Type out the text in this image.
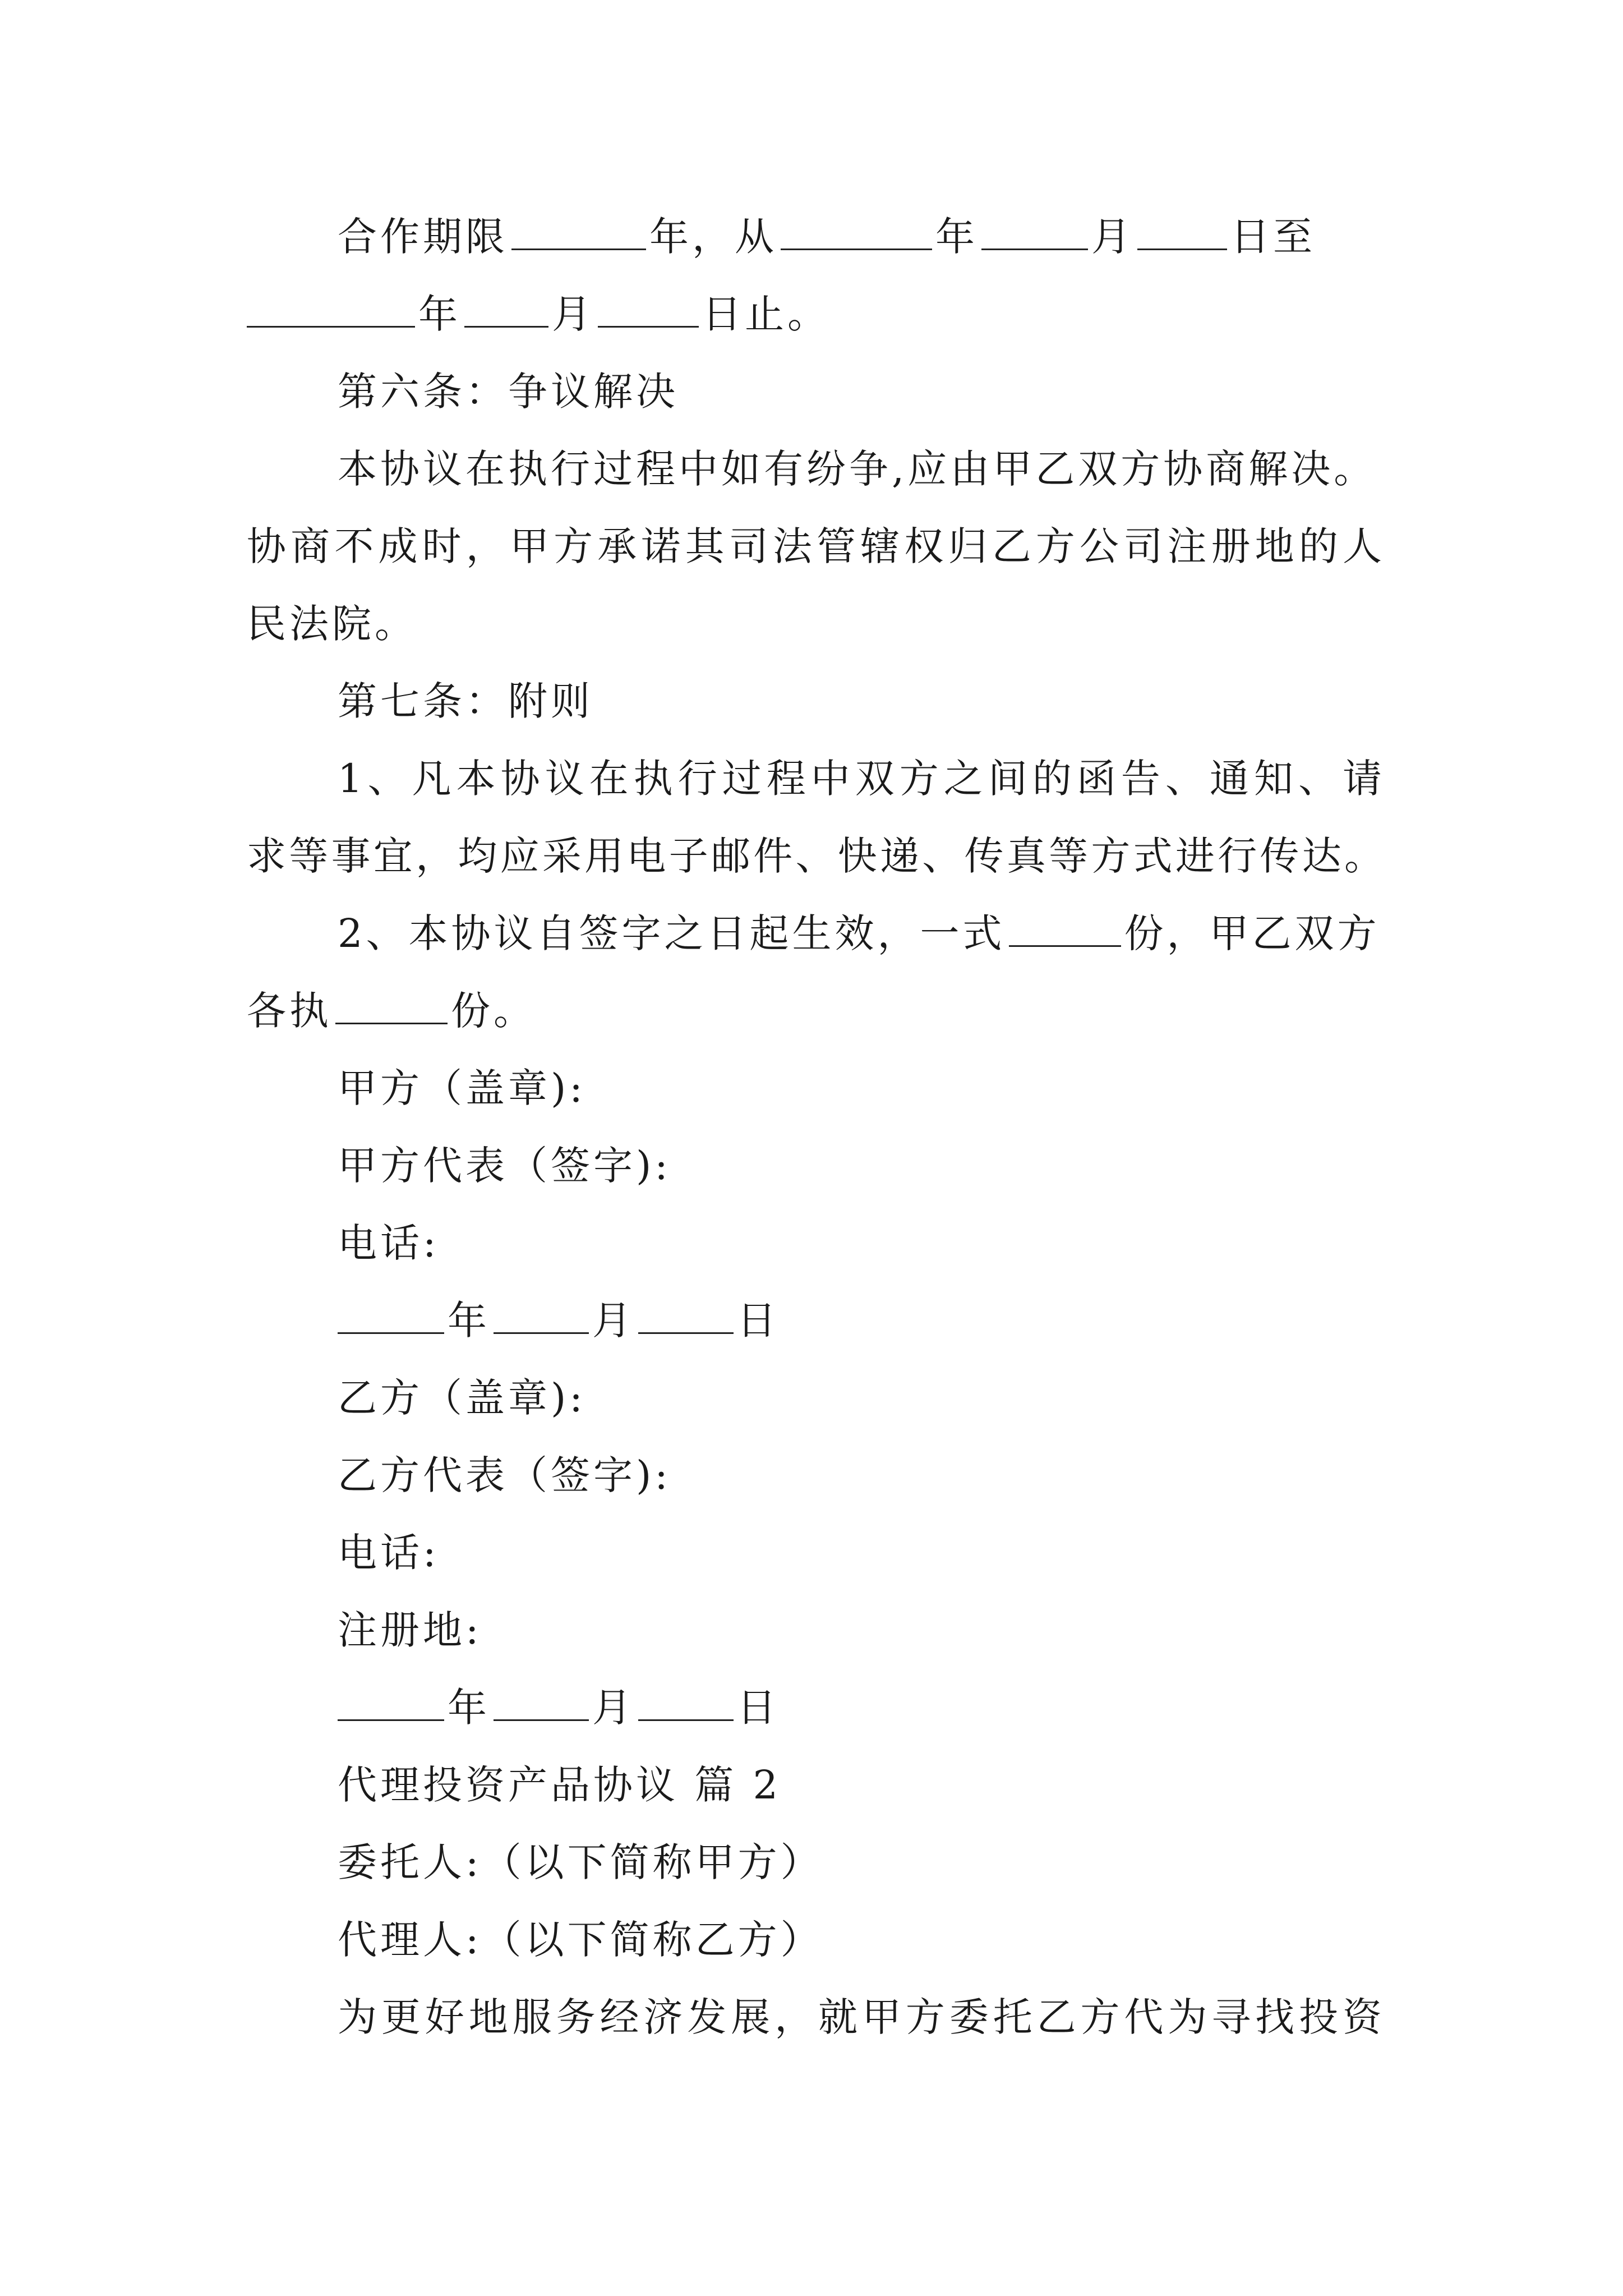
合作期限	年，从	年	月 日至
年 月	日止。
第六条：争议解决
本协议在执行过程中如有纷争,应由甲乙双方协商解决。
协商不成时，甲方承诺其司法管辖权归乙方公司注册地的人
民法院。
第七条：附则
1、凡本协议在执行过程中双方之间的函告、通知、请
求等事宜，均应采用电子邮件、快递、传真等方式进行传达。
2、本协议自签字之日起生效，一式	份，甲乙双方
各执	份。
甲方（盖章):
甲方代表（签字):
电话:
年	月	日
乙方（盖章):
乙方代表（签字):
电话:
注册地:
年	月	日
代理投资产品协议 篇 2
委托人:（以下简称甲方）
代理人:（以下简称乙方）
为更好地服务经济发展，就甲方委托乙方代为寻找投资
